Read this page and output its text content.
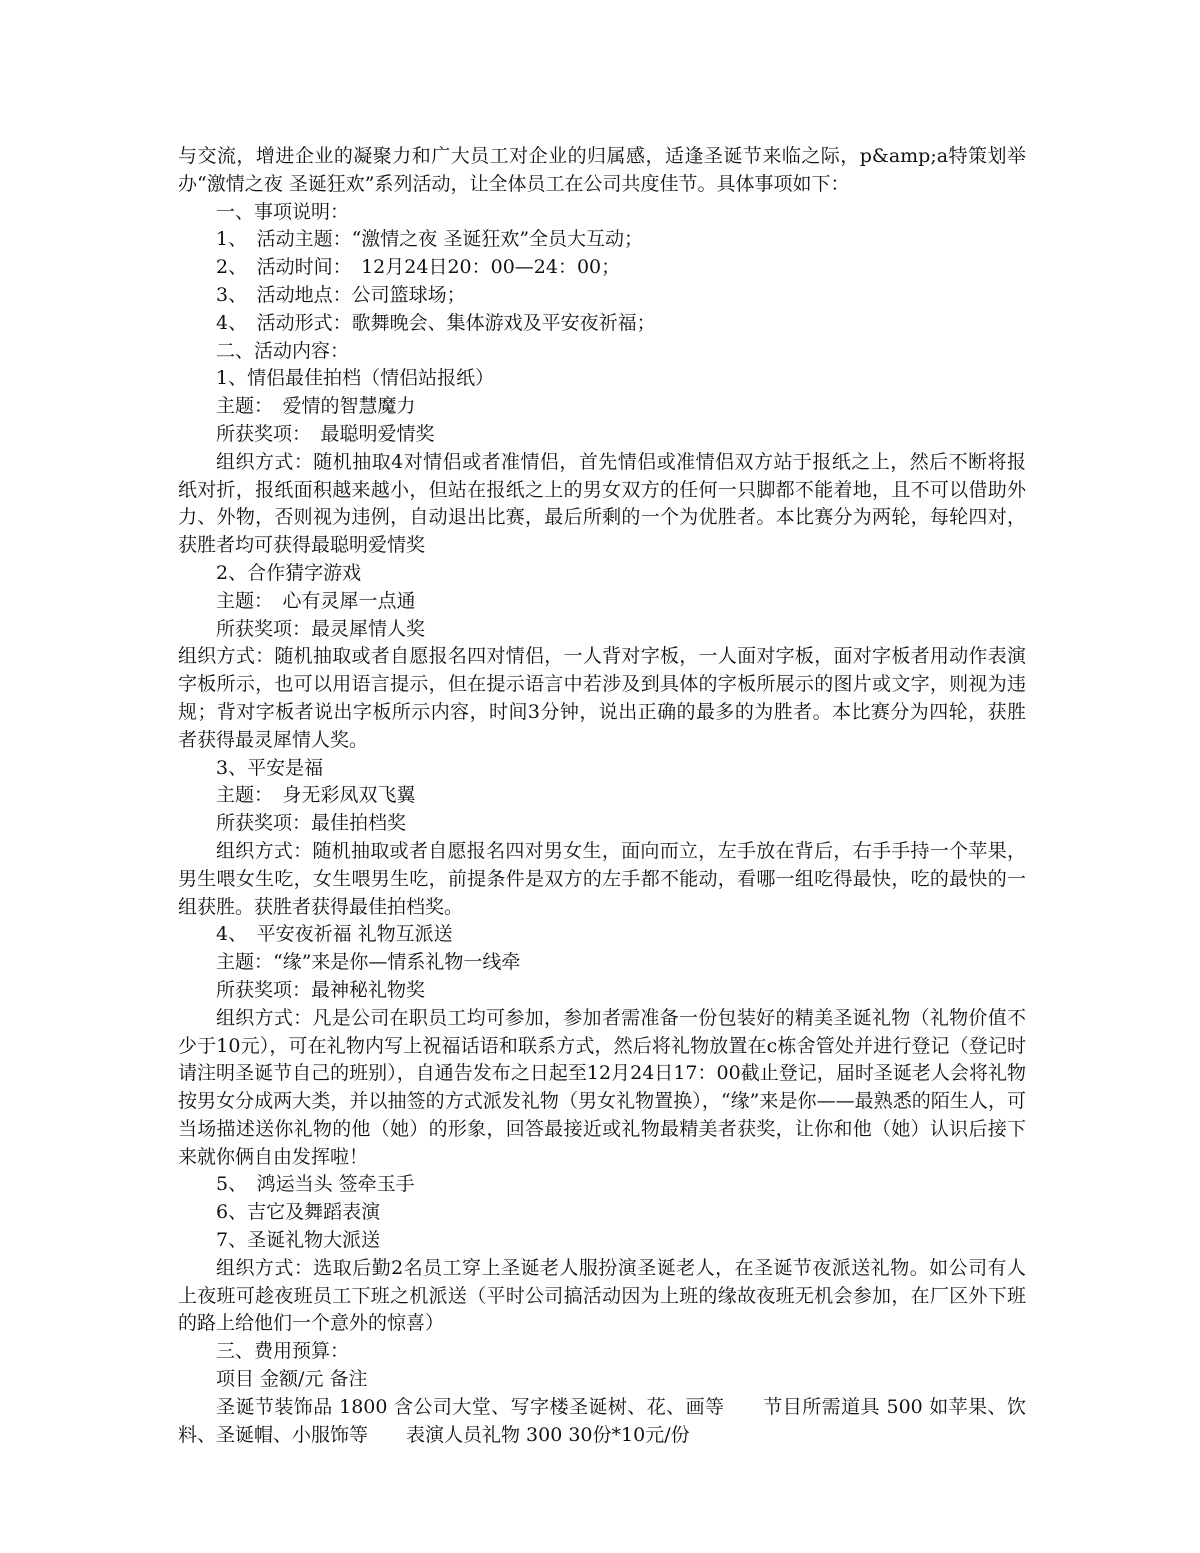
与交流，增进企业的凝聚力和广大员工对企业的归属感，适逢圣诞节来临之际，p&amp;a特策划举办“激情之夜 圣诞狂欢”系列活动，让全体员工在公司共度佳节。具体事项如下：

一、事项说明：

1、　活动主题：“激情之夜 圣诞狂欢”全员大互动；

2、　活动时间：　12月24日20：00—24：00；

3、　活动地点：公司篮球场；

4、　活动形式：歌舞晚会、集体游戏及平安夜祈福；

二、活动内容：

1、情侣最佳拍档（情侣站报纸）

主题：　爱情的智慧魔力

所获奖项：　最聪明爱情奖

组织方式：随机抽取4对情侣或者准情侣，首先情侣或准情侣双方站于报纸之上，然后不断将报纸对折，报纸面积越来越小，但站在报纸之上的男女双方的任何一只脚都不能着地，且不可以借助外力、外物，否则视为违例，自动退出比赛，最后所剩的一个为优胜者。本比赛分为两轮，每轮四对，获胜者均可获得最聪明爱情奖

2、合作猜字游戏

主题：　心有灵犀一点通

所获奖项：最灵犀情人奖

组织方式：随机抽取或者自愿报名四对情侣，一人背对字板，一人面对字板，面对字板者用动作表演字板所示，也可以用语言提示，但在提示语言中若涉及到具体的字板所展示的图片或文字，则视为违规；背对字板者说出字板所示内容，时间3分钟，说出正确的最多的为胜者。本比赛分为四轮，获胜者获得最灵犀情人奖。

3、平安是福

主题：　身无彩凤双飞翼

所获奖项：最佳拍档奖

组织方式：随机抽取或者自愿报名四对男女生，面向而立，左手放在背后，右手手持一个苹果，男生喂女生吃，女生喂男生吃，前提条件是双方的左手都不能动，看哪一组吃得最快，吃的最快的一组获胜。获胜者获得最佳拍档奖。

4、　平安夜祈福 礼物互派送

主题：“缘”来是你—情系礼物一线牵

所获奖项：最神秘礼物奖

组织方式：凡是公司在职员工均可参加，参加者需准备一份包装好的精美圣诞礼物（礼物价值不少于10元），可在礼物内写上祝福话语和联系方式，然后将礼物放置在c栋舍管处并进行登记（登记时请注明圣诞节自己的班别），自通告发布之日起至12月24日17：00截止登记，届时圣诞老人会将礼物按男女分成两大类，并以抽签的方式派发礼物（男女礼物置换），“缘”来是你——最熟悉的陌生人，可当场描述送你礼物的他（她）的形象，回答最接近或礼物最精美者获奖，让你和他（她）认识后接下来就你俩自由发挥啦！

5、　鸿运当头 签牵玉手

6、吉它及舞蹈表演

7、圣诞礼物大派送

组织方式：选取后勤2名员工穿上圣诞老人服扮演圣诞老人，在圣诞节夜派送礼物。如公司有人上夜班可趁夜班员工下班之机派送（平时公司搞活动因为上班的缘故夜班无机会参加，在厂区外下班的路上给他们一个意外的惊喜）

三、费用预算：

项目 金额/元 备注

圣诞节装饰品 1800 含公司大堂、写字楼圣诞树、花、画等　　节目所需道具 500 如苹果、饮料、圣诞帽、小服饰等　　表演人员礼物 300 30份*10元/份
